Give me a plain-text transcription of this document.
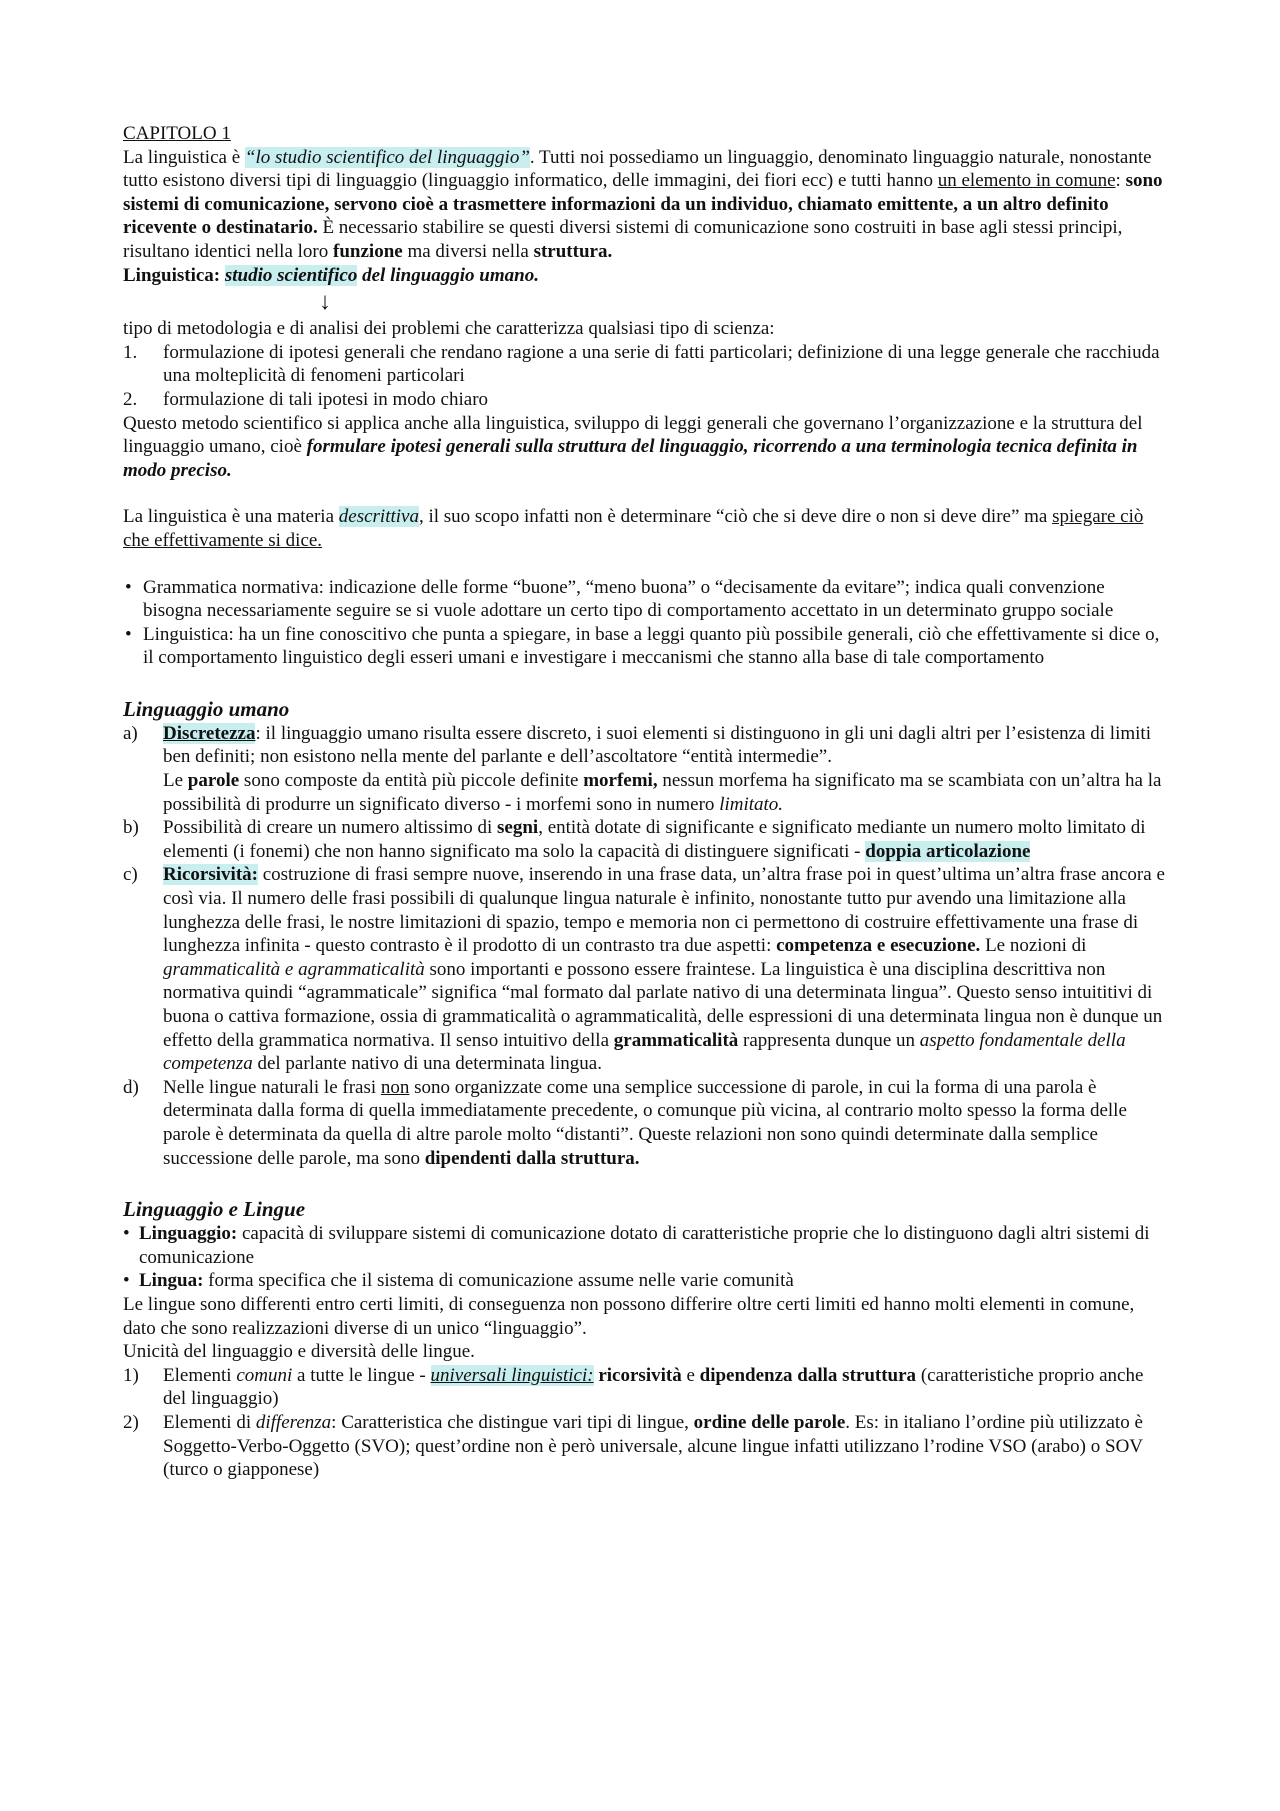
CAPITOLO 1

La linguistica è “lo studio scientifico del linguaggio”. Tutti noi possediamo un linguaggio, denominato linguaggio naturale, nonostante tutto esistono diversi tipi di linguaggio (linguaggio informatico, delle immagini, dei fiori ecc) e tutti hanno un elemento in comune: sono sistemi di comunicazione, servono cioè a trasmettere informazioni da un individuo, chiamato emittente, a un altro definito ricevente o destinatario. È necessario stabilire se questi diversi sistemi di comunicazione sono costruiti in base agli stessi principi, risultano identici nella loro funzione ma diversi nella struttura.

Linguistica: studio scientifico del linguaggio umano.

↓

tipo di metodologia e di analisi dei problemi che caratterizza qualsiasi tipo di scienza:

1. formulazione di ipotesi generali che rendano ragione a una serie di fatti particolari; definizione di una legge generale che racchiuda una molteplicità di fenomeni particolari
2. formulazione di tali ipotesi in modo chiaro

Questo metodo scientifico si applica anche alla linguistica, sviluppo di leggi generali che governano l’organizzazione e la struttura del linguaggio umano, cioè formulare ipotesi generali sulla struttura del linguaggio, ricorrendo a una terminologia tecnica definita in modo preciso.

La linguistica è una materia descrittiva, il suo scopo infatti non è determinare “ciò che si deve dire o non si deve dire” ma spiegare ciò che effettivamente si dice.

• Grammatica normativa: indicazione delle forme “buone”, “meno buona” o “decisamente da evitare”; indica quali convenzione bisogna necessariamente seguire se si vuole adottare un certo tipo di comportamento accettato in un determinato gruppo sociale
• Linguistica: ha un fine conoscitivo che punta a spiegare, in base a leggi quanto più possibile generali, ciò che effettivamente si dice o, il comportamento linguistico degli esseri umani e investigare i meccanismi che stanno alla base di tale comportamento

Linguaggio umano

a) Discretezza: il linguaggio umano risulta essere discreto, i suoi elementi si distinguono in gli uni dagli altri per l’esistenza di limiti ben definiti; non esistono nella mente del parlante e dell’ascoltatore “entità intermedie”.
Le parole sono composte da entità più piccole definite morfemi, nessun morfema ha significato ma se scambiata con un’altra ha la possibilità di produrre un significato diverso - i morfemi sono in numero limitato.
b) Possibilità di creare un numero altissimo di segni, entità dotate di significante e significato mediante un numero molto limitato di elementi (i fonemi) che non hanno significato ma solo la capacità di distinguere significati - doppia articolazione
c) Ricorsività: costruzione di frasi sempre nuove, inserendo in una frase data, un’altra frase poi in quest’ultima un’altra frase ancora e così via. Il numero delle frasi possibili di qualunque lingua naturale è infinito, nonostante tutto pur avendo una limitazione alla lunghezza delle frasi, le nostre limitazioni di spazio, tempo e memoria non ci permettono di costruire effettivamente una frase di lunghezza infinita - questo contrasto è il prodotto di un contrasto tra due aspetti: competenza e esecuzione. Le nozioni di grammaticalità e agrammaticalità sono importanti e possono essere fraintese. La linguistica è una disciplina descrittiva non normativa quindi “agrammaticale” significa “mal formato dal parlate nativo di una determinata lingua”. Questo senso intuititivi di buona o cattiva formazione, ossia di grammaticalità o agrammaticalità, delle espressioni di una determinata lingua non è dunque un effetto della grammatica normativa. Il senso intuitivo della grammaticalità rappresenta dunque un aspetto fondamentale della competenza del parlante nativo di una determinata lingua.
d) Nelle lingue naturali le frasi non sono organizzate come una semplice successione di parole, in cui la forma di una parola è determinata dalla forma di quella immediatamente precedente, o comunque più vicina, al contrario molto spesso la forma delle parole è determinata da quella di altre parole molto “distanti”. Queste relazioni non sono quindi determinate dalla semplice successione delle parole, ma sono dipendenti dalla struttura.

Linguaggio e Lingue

• Linguaggio: capacità di sviluppare sistemi di comunicazione dotato di caratteristiche proprie che lo distinguono dagli altri sistemi di comunicazione
• Lingua: forma specifica che il sistema di comunicazione assume nelle varie comunità

Le lingue sono differenti entro certi limiti, di conseguenza non possono differire oltre certi limiti ed hanno molti elementi in comune, dato che sono realizzazioni diverse di un unico “linguaggio”.

Unicità del linguaggio e diversità delle lingue.

1) Elementi comuni a tutte le lingue - universali linguistici: ricorsività e dipendenza dalla struttura (caratteristiche proprio anche del linguaggio)
2) Elementi di differenza: Caratteristica che distingue vari tipi di lingue, ordine delle parole. Es: in italiano l’ordine più utilizzato è Soggetto-Verbo-Oggetto (SVO); quest’ordine non è però universale, alcune lingue infatti utilizzano l’rodine VSO (arabo) o SOV (turco o giapponese)
